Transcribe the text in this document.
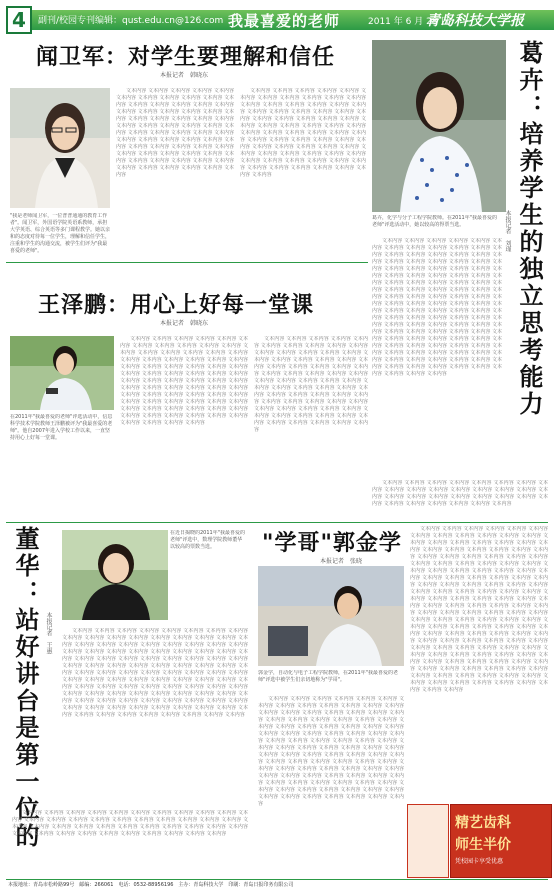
4	副刊/校园专刊编辑：qust.edu.cn@126.com 我最喜爱的老师	2011 年 6 月 28 日
青岛科技大学报
闻卫军：对学生要理解和信任
本报记者　韩晓东
"我是老师闻卫军，一位普普通通的教育工作者"。闻卫军，外国语学院英语系教师，承担大学英语、综合英语等多门课程教学。她以亲和的态度对待每一位学生，理解和信任学生，注重和学生的沟通交流，被学生们评为"我最喜爱的老师"。

文本内容 文本内容 文本内容 文本内容 文本内容 文本内容 文本内容 文本内容 文本内容 文本内容 文本内容 文本内容 文本内容 文本内容 文本内容 文本内容 文本内容 文本内容 文本内容 文本内容 文本内容 文本内容 文本内容 文本内容 文本内容 文本内容 文本内容 文本内容 文本内容 文本内容 文本内容 文本内容 文本内容 文本内容 文本内容 文本内容 文本内容 文本内容 文本内容 文本内容 文本内容 文本内容 文本内容 文本内容 文本内容 文本内容 文本内容 文本内容 文本内容 文本内容 文本内容 文本内容 文本内容 文本内容 文本内容 文本内容 文本内容 文本内容 文本内容 文本内容 文本内容 文本内容 文本内容 文本内容 文本内容 文本内容

文本内容 文本内容 文本内容 文本内容 文本内容 文本内容 文本内容 文本内容 文本内容 文本内容 文本内容 文本内容 文本内容 文本内容 文本内容 文本内容 文本内容 文本内容 文本内容 文本内容 文本内容 文本内容 文本内容 文本内容 文本内容 文本内容 文本内容 文本内容 文本内容 文本内容 文本内容 文本内容 文本内容 文本内容 文本内容 文本内容 文本内容 文本内容 文本内容 文本内容 文本内容 文本内容 文本内容 文本内容 文本内容 文本内容 文本内容 文本内容 文本内容 文本内容 文本内容 文本内容 文本内容 文本内容 文本内容 文本内容 文本内容 文本内容 文本内容 文本内容 文本内容 文本内容 文本内容 文本内容 文本内容 文本内容 文本内容 文本内容 文本内容 文本内容	葛卉：培养学生的独立思考能力
本报记者　刘瑾
葛卉，化学与分子工程学院教师。在2011年"我最喜爱的老师"评选活动中，她以较高的得票当选。

文本内容 文本内容 文本内容 文本内容 文本内容 文本内容 文本内容 文本内容 文本内容 文本内容 文本内容 文本内容 文本内容 文本内容 文本内容 文本内容 文本内容 文本内容 文本内容 文本内容 文本内容 文本内容 文本内容 文本内容 文本内容 文本内容 文本内容 文本内容 文本内容 文本内容 文本内容 文本内容 文本内容 文本内容 文本内容 文本内容 文本内容 文本内容 文本内容 文本内容 文本内容 文本内容 文本内容 文本内容 文本内容 文本内容 文本内容 文本内容 文本内容 文本内容 文本内容 文本内容 文本内容 文本内容 文本内容 文本内容 文本内容 文本内容 文本内容 文本内容 文本内容 文本内容 文本内容 文本内容 文本内容 文本内容 文本内容 文本内容 文本内容 文本内容 文本内容 文本内容 文本内容 文本内容 文本内容 文本内容 文本内容 文本内容 文本内容 文本内容 文本内容 文本内容 文本内容 文本内容 文本内容 文本内容 文本内容 文本内容 文本内容 文本内容 文本内容 文本内容 文本内容 文本内容 文本内容 文本内容 文本内容 文本内容 文本内容 文本内容 文本内容 文本内容 文本内容 文本内容 文本内容 文本内容 文本内容 文本内容 文本内容 文本内容 文本内容 文本内容 文本内容 文本内容 文本内容 文本内容 文本内容

文本内容 文本内容 文本内容 文本内容 文本内容 文本内容 文本内容 文本内容 文本内容 文本内容 文本内容 文本内容 文本内容 文本内容 文本内容 文本内容 文本内容 文本内容 文本内容 文本内容 文本内容 文本内容 文本内容 文本内容 文本内容 文本内容 文本内容 文本内容 文本内容 文本内容

王泽鹏：用心上好每一堂课
本报记者　韩晓东
在2011年"我最喜爱的老师"评选活动中，信息科学技术学院教师王泽鹏被评为"我最喜爱的老师"。他自2007年进入学校工作以来，一直坚持用心上好每一堂课。

文本内容 文本内容 文本内容 文本内容 文本内容 文本内容 文本内容 文本内容 文本内容 文本内容 文本内容 文本内容 文本内容 文本内容 文本内容 文本内容 文本内容 文本内容 文本内容 文本内容 文本内容 文本内容 文本内容 文本内容 文本内容 文本内容 文本内容 文本内容 文本内容 文本内容 文本内容 文本内容 文本内容 文本内容 文本内容 文本内容 文本内容 文本内容 文本内容 文本内容 文本内容 文本内容 文本内容 文本内容 文本内容 文本内容 文本内容 文本内容 文本内容 文本内容 文本内容 文本内容 文本内容 文本内容 文本内容 文本内容 文本内容 文本内容 文本内容 文本内容 文本内容 文本内容 文本内容 文本内容 文本内容 文本内容 文本内容 文本内容 文本内容 文本内容 文本内容 文本内容 文本内容 文本内容 文本内容

文本内容 文本内容 文本内容 文本内容 文本内容 文本内容 文本内容 文本内容 文本内容 文本内容 文本内容 文本内容 文本内容 文本内容 文本内容 文本内容 文本内容 文本内容 文本内容 文本内容 文本内容 文本内容 文本内容 文本内容 文本内容 文本内容 文本内容 文本内容 文本内容 文本内容 文本内容 文本内容 文本内容 文本内容 文本内容 文本内容 文本内容 文本内容 文本内容 文本内容 文本内容 文本内容 文本内容 文本内容 文本内容 文本内容 文本内容 文本内容 文本内容 文本内容 文本内容 文本内容 文本内容 文本内容 文本内容 文本内容 文本内容 文本内容 文本内容 文本内容 文本内容 文本内容 文本内容 文本内容 文本内容 文本内容 文本内容 文本内容

董华：站好讲台是第一位的	本报记者　王惠
在近日揭晓的2011年"我最喜爱的老师"评选中，数理学院教师董华以较高的票数当选。

文本内容 文本内容 文本内容 文本内容 文本内容 文本内容 文本内容 文本内容 文本内容 文本内容 文本内容 文本内容 文本内容 文本内容 文本内容 文本内容 文本内容 文本内容 文本内容 文本内容 文本内容 文本内容 文本内容 文本内容 文本内容 文本内容 文本内容 文本内容 文本内容 文本内容 文本内容 文本内容 文本内容 文本内容 文本内容 文本内容 文本内容 文本内容 文本内容 文本内容 文本内容 文本内容 文本内容 文本内容 文本内容 文本内容 文本内容 文本内容 文本内容 文本内容 文本内容 文本内容 文本内容 文本内容 文本内容 文本内容 文本内容 文本内容 文本内容 文本内容 文本内容 文本内容 文本内容 文本内容 文本内容 文本内容 文本内容 文本内容 文本内容 文本内容 文本内容 文本内容 文本内容 文本内容 文本内容 文本内容 文本内容 文本内容 文本内容 文本内容 文本内容 文本内容 文本内容 文本内容 文本内容 文本内容 文本内容 文本内容 文本内容 文本内容 文本内容 文本内容 文本内容 文本内容 文本内容 文本内容 文本内容 文本内容 文本内容 文本内容 文本内容 文本内容 文本内容 文本内容 文本内容 文本内容 文本内容 文本内容 文本内容 文本内容

文本内容 文本内容 文本内容 文本内容 文本内容 文本内容 文本内容 文本内容 文本内容 文本内容 文本内容 文本内容 文本内容 文本内容 文本内容 文本内容 文本内容 文本内容 文本内容 文本内容 文本内容 文本内容 文本内容 文本内容 文本内容 文本内容 文本内容 文本内容 文本内容 文本内容 文本内容 文本内容 文本内容 文本内容 文本内容 文本内容 文本内容 文本内容 文本内容 文本内容 文本内容 文本内容

"学哥"郭金学
本报记者　张晓
郭金学，自动化与电子工程学院教师，在2011年"我最喜爱的老师"评选中被学生们亲切地称为"学哥"。

文本内容 文本内容 文本内容 文本内容 文本内容 文本内容 文本内容 文本内容 文本内容 文本内容 文本内容 文本内容 文本内容 文本内容 文本内容 文本内容 文本内容 文本内容 文本内容 文本内容 文本内容 文本内容 文本内容 文本内容 文本内容 文本内容 文本内容 文本内容 文本内容 文本内容 文本内容 文本内容 文本内容 文本内容 文本内容 文本内容 文本内容 文本内容 文本内容 文本内容 文本内容 文本内容 文本内容 文本内容 文本内容 文本内容 文本内容 文本内容 文本内容 文本内容 文本内容 文本内容 文本内容 文本内容 文本内容 文本内容 文本内容 文本内容 文本内容 文本内容 文本内容 文本内容 文本内容 文本内容 文本内容 文本内容 文本内容 文本内容 文本内容 文本内容 文本内容 文本内容 文本内容 文本内容 文本内容 文本内容 文本内容 文本内容 文本内容 文本内容 文本内容 文本内容 文本内容 文本内容 文本内容 文本内容 文本内容 文本内容 文本内容 文本内容 文本内容 文本内容 文本内容 文本内容 文本内容 文本内容 文本内容 文本内容 文本内容 文本内容

文本内容 文本内容 文本内容 文本内容 文本内容 文本内容 文本内容 文本内容 文本内容 文本内容 文本内容 文本内容 文本内容 文本内容 文本内容 文本内容 文本内容 文本内容 文本内容 文本内容 文本内容 文本内容 文本内容 文本内容 文本内容 文本内容 文本内容 文本内容 文本内容 文本内容 文本内容 文本内容 文本内容 文本内容 文本内容 文本内容 文本内容 文本内容 文本内容 文本内容 文本内容 文本内容 文本内容 文本内容 文本内容 文本内容 文本内容 文本内容 文本内容 文本内容 文本内容 文本内容 文本内容 文本内容 文本内容 文本内容 文本内容 文本内容 文本内容 文本内容 文本内容 文本内容 文本内容 文本内容 文本内容 文本内容 文本内容 文本内容 文本内容 文本内容 文本内容 文本内容 文本内容 文本内容 文本内容 文本内容 文本内容 文本内容 文本内容 文本内容 文本内容 文本内容 文本内容 文本内容 文本内容 文本内容 文本内容 文本内容 文本内容 文本内容 文本内容 文本内容 文本内容 文本内容 文本内容 文本内容 文本内容 文本内容 文本内容 文本内容 文本内容 文本内容 文本内容 文本内容 文本内容 文本内容 文本内容 文本内容 文本内容 文本内容 文本内容 文本内容 文本内容 文本内容 文本内容 文本内容 文本内容 文本内容 文本内容 文本内容 文本内容 文本内容 文本内容 文本内容 文本内容 文本内容 文本内容 文本内容 文本内容 文本内容 文本内容 文本内容 文本内容 文本内容 文本内容 文本内容 文本内容 文本内容 文本内容 文本内容 文本内容 文本内容 文本内容 文本内容 文本内容 文本内容

精艺齿科
师生半价
凭校园卡享受优惠
本报地址：青岛市松岭路99号　邮编：266061　电话：0532-88956196　主办：青岛科技大学　印刷：青岛日报印务有限公司
